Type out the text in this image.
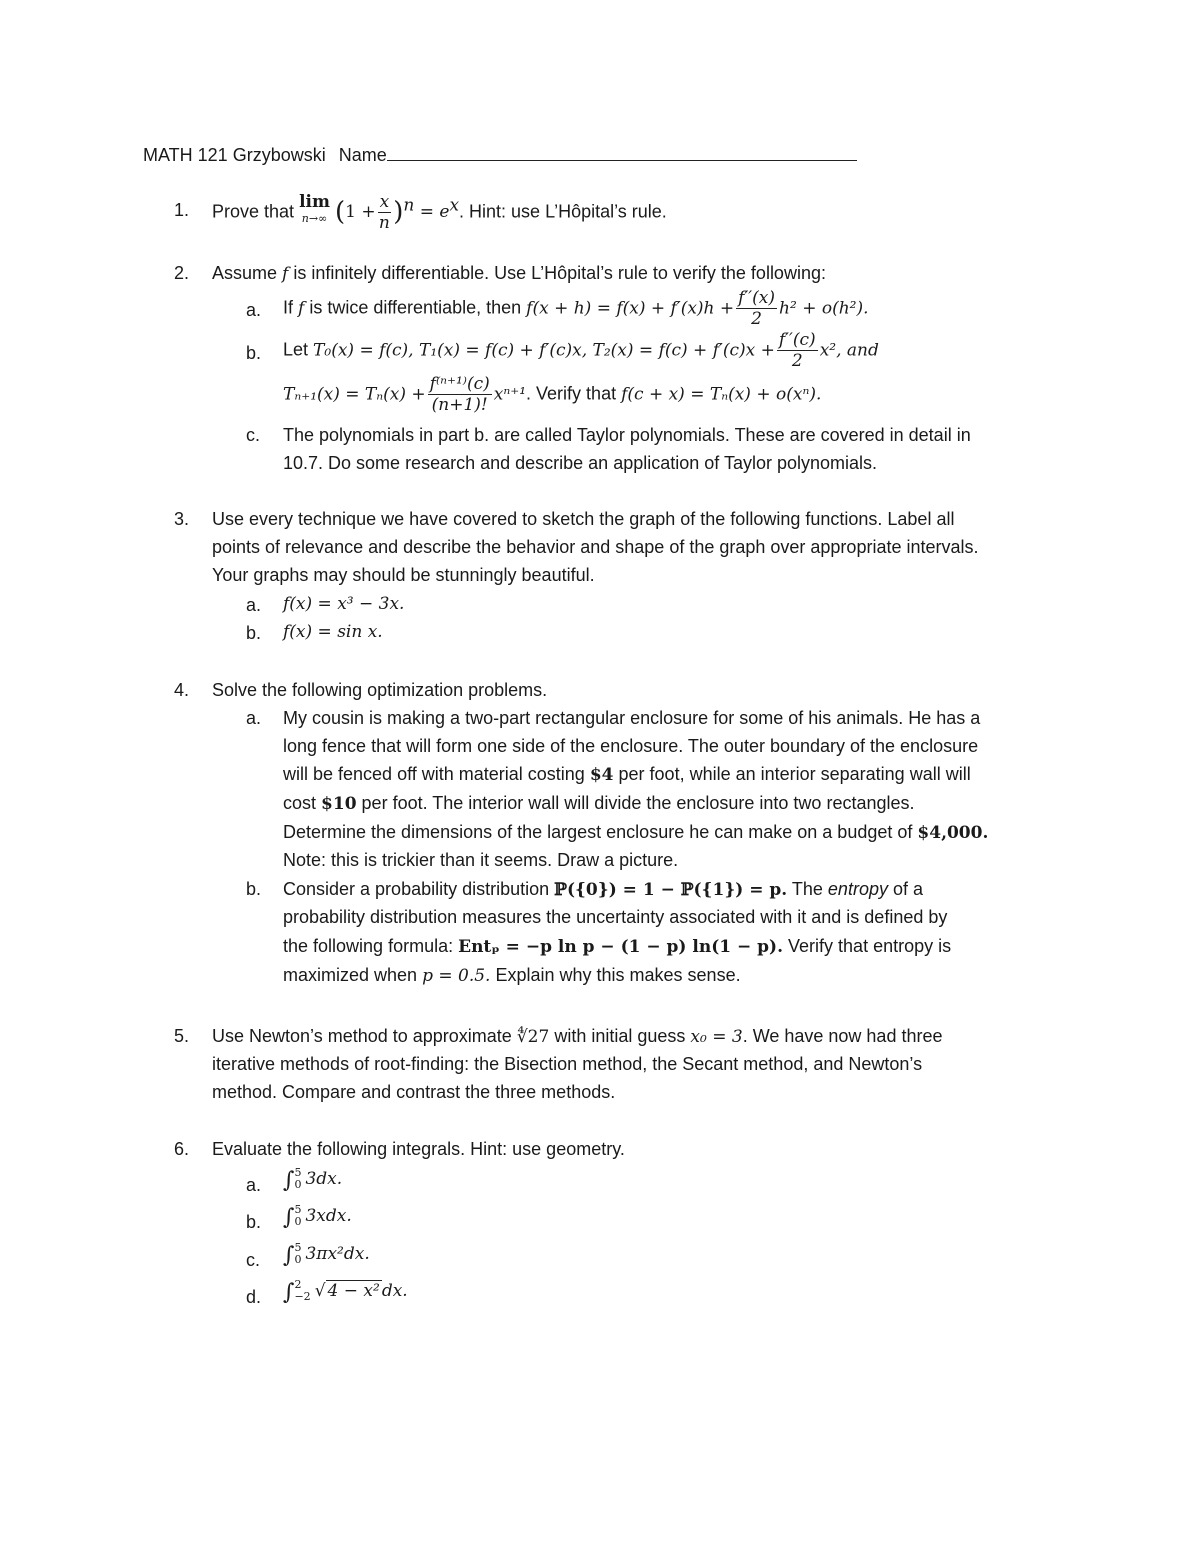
MATH 121 Grzybowski Name
1. Prove that lim
n→∞ $(1 + \frac{x}{n} )^n = e^x$. Hint: use L’Hôpital’s rule.
2. Assume f is infinitely differentiable. Use L’Hôpital’s rule to verify the following:
a. If f is twice differentiable, then $f(x + h) = f(x) + f'(x)h + \frac{f''(x)}{2} h^2 + o(h^2)$.
b. Let T₀(x) = f(c), T₁(x) = f(c) + f′(c)x, $T_2(x) = f(c) + f'(c)x + \frac{f''(c)}{2} x^2$, and
$T_{n+1}(x) = T_n(x) + \frac{\text{f⁽ⁿ⁺¹⁾(c)}}{(n+1)!} x^{n+1}$. Verify that f(c + x) = Tₙ(x) + o(xⁿ).
c. The polynomials in part b. are called Taylor polynomials. These are covered in detail in
10.7. Do some research and describe an application of Taylor polynomials.
3. Use every technique we have covered to sketch the graph of the following functions. Label all
points of relevance and describe the behavior and shape of the graph over appropriate intervals.
Your graphs may should be stunningly beautiful.
a. f(x) = x³ − 3x.
b. f(x) = sin x.
4. Solve the following optimization problems.
a. My cousin is making a two-part rectangular enclosure for some of his animals. He has a
long fence that will form one side of the enclosure. The outer boundary of the enclosure
will be fenced off with material costing $4 per foot, while an interior separating wall will
cost $10 per foot. The interior wall will divide the enclosure into two rectangles.
Determine the dimensions of the largest enclosure he can make on a budget of $4,000.
Note: this is trickier than it seems. Draw a picture.
b. Consider a probability distribution ℙ({0}) = 1 − ℙ({1}) = p. The entropy of a
probability distribution measures the uncertainty associated with it and is defined by
the following formula: Entₚ = −p ln p − (1 − p) ln(1 − p). Verify that entropy is
maximized when p = 0.5. Explain why this makes sense.
5. Use Newton’s method to approximate ∜27 with initial guess x₀ = 3. We have now had three
iterative methods of root-finding: the Bisection method, the Secant method, and Newton’s
method. Compare and contrast the three methods.
6. Evaluate the following integrals. Hint: use geometry.
a. ∫ 5
0 3dx.
b. ∫ 5
0 3xdx.
c. ∫ 5
0 3πx²dx.
d. ∫ 2
−2 √ 4 − x² dx.
